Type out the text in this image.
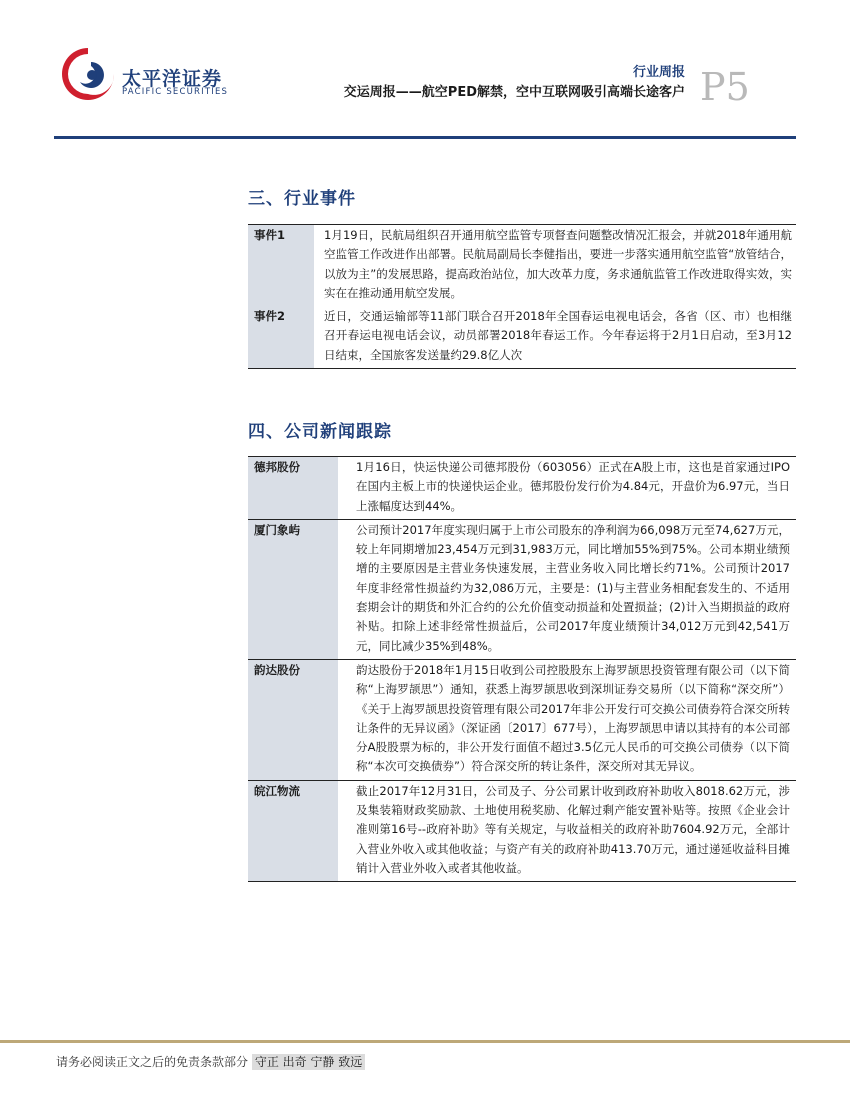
太平洋证券
PACIFIC SECURITIES
行业周报
交运周报——航空PED解禁，空中互联网吸引高端长途客户 P5
三、行业事件
事件1	1月19日，民航局组织召开通用航空监管专项督查问题整改情况汇报会，并就2018年通用航空监管工作改进作出部署。民航局副局长李健指出，要进一步落实通用航空监管“放管结合，以放为主”的发展思路，提高政治站位，加大改革力度，务求通航监管工作改进取得实效，实实在在推动通用航空发展。
事件2	近日，交通运输部等11部门联合召开2018年全国春运电视电话会，各省（区、市）也相继召开春运电视电话会议，动员部署2018年春运工作。今年春运将于2月1日启动，至3月12日结束，全国旅客发送量约29.8亿人次
四、公司新闻跟踪
德邦股份	1月16日，快运快递公司德邦股份（603056）正式在A股上市，这也是首家通过IPO在国内主板上市的快递快运企业。德邦股份发行价为4.84元，开盘价为6.97元，当日上涨幅度达到44%。
厦门象屿	公司预计2017年度实现归属于上市公司股东的净利润为66,098万元至74,627万元，较上年同期增加23,454万元到31,983万元，同比增加55%到75%。公司本期业绩预增的主要原因是主营业务快速发展，主营业务收入同比增长约71%。公司预计2017年度非经常性损益约为32,086万元，主要是：(1)与主营业务相配套发生的、不适用套期会计的期货和外汇合约的公允价值变动损益和处置损益；(2)计入当期损益的政府补贴。扣除上述非经常性损益后，公司2017年度业绩预计34,012万元到42,541万元，同比减少35%到48%。
韵达股份	韵达股份于2018年1月15日收到公司控股股东上海罗颉思投资管理有限公司（以下简称“上海罗颉思”）通知，获悉上海罗颉思收到深圳证券交易所（以下简称“深交所”）《关于上海罗颉思投资管理有限公司2017年非公开发行可交换公司债券符合深交所转让条件的无异议函》（深证函〔2017〕677号），上海罗颉思申请以其持有的本公司部分A股股票为标的，非公开发行面值不超过3.5亿元人民币的可交换公司债券（以下简称“本次可交换债券”）符合深交所的转让条件，深交所对其无异议。
皖江物流	截止2017年12月31日，公司及子、分公司累计收到政府补助收入8018.62万元，涉及集装箱财政奖励款、土地使用税奖励、化解过剩产能安置补贴等。按照《企业会计准则第16号--政府补助》等有关规定，与收益相关的政府补助7604.92万元，全部计入营业外收入或其他收益；与资产有关的政府补助413.70万元，通过递延收益科目摊销计入营业外收入或者其他收益。
请务必阅读正文之后的免责条款部分 守正 出奇 宁静 致远
